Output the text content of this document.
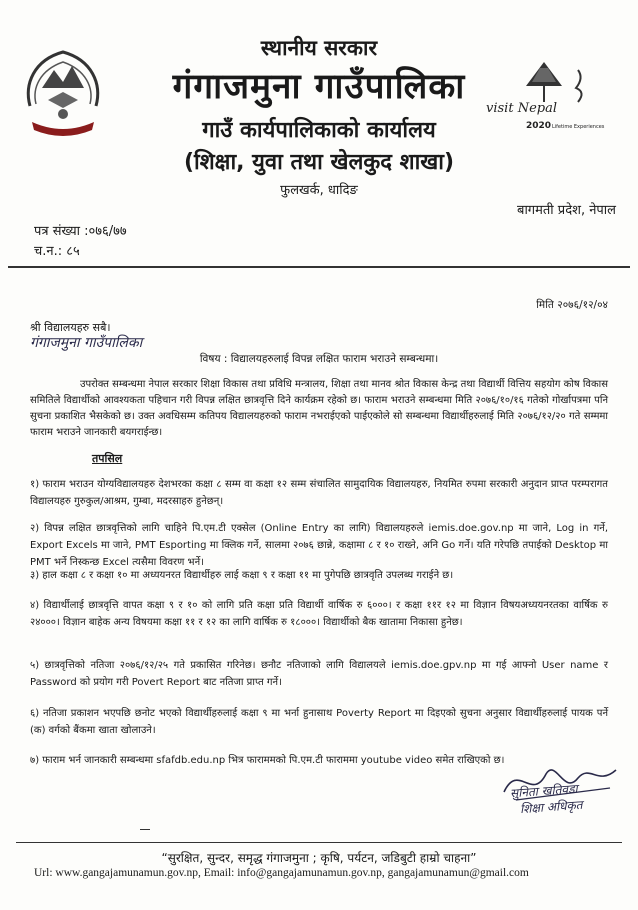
स्थानीय सरकार
गंगाजमुना गाउँपालिका
visit Nepal
2020 Lifetime Experiences
गाउँ कार्यपालिकाको कार्यालय
(शिक्षा, युवा तथा खेलकुद शाखा)
फुलखर्क, धादिङ
बागमती प्रदेश, नेपाल
पत्र संख्या :०७६/७७
च.न.: ८५
मिति २०७६/१२/०४
श्री विद्यालयहरु सबै।
गंगाजमुना गाउँपालिका
विषय : विद्यालयहरुलाई विपन्न लक्षित फाराम भराउने सम्बन्धमा।
उपरोक्त सम्बन्धमा नेपाल सरकार शिक्षा विकास तथा प्रविधि मन्त्रालय, शिक्षा तथा मानव श्रोत विकास केन्द्र तथा विद्यार्थी वित्तिय सहयोग कोष विकास समितिले विद्यार्थीको आवश्यकता पहिचान गरी विपन्न लक्षित छात्रवृत्ति दिने कार्यक्रम रहेको छ। फाराम भराउने सम्बन्धमा मिति २०७६/१०/१६ गतेको गोर्खापत्रमा पनि सुचना प्रकाशित भैसकेको छ। उक्त अवधिसम्म कतिपय विद्यालयहरुको फाराम नभराईएको पाईएकोले सो सम्बन्धमा विद्यार्थीहरुलाई मिति २०७६/१२/२० गते सम्ममा फाराम भराउने जानकारी बयगराईन्छ।
तपसिल
१) फाराम भराउन योग्यविद्यालयहरु देशभरका कक्षा ८ सम्म वा कक्षा १२ सम्म संचालित सामुदायिक विद्यालयहरु, नियमित रुपमा सरकारी अनुदान प्राप्त परम्परागत विद्यालयहरु गुरुकुल/आश्रम, गुम्बा, मदरसाहरु हुनेछन्।
२) विपन्न लक्षित छात्रवृत्तिको लागि चाहिने पि.एम.टी एक्सेल (Online Entry का लागि) विद्यालयहरुले iemis.doe.gov.np मा जाने, Log in गर्ने, Export Excels मा जाने, PMT Esporting मा क्लिक गर्ने, सालमा २०७६ छान्ने, कक्षामा ८ र १० राख्ने, अनि Go गर्ने। यति गरेपछि तपाईको Desktop मा PMT भर्ने निस्कन्छ Excel त्यसैमा विवरण भर्ने।
३) हाल कक्षा ८ र कक्षा १० मा अध्ययनरत विद्यार्थीहरु लाई कक्षा ९ र कक्षा ११ मा पुगेपछि छात्रवृति उपलब्ध गराईने छ।
४) विद्यार्थीलाई छात्रवृत्ति वापत कक्षा ९ र १० को लागि प्रति कक्षा प्रति विद्यार्थी वार्षिक रु ६०००। र कक्षा ११र १२ मा विज्ञान विषयअध्ययनरतका वार्षिक रु २४०००। विज्ञान बाहेक अन्य विषयमा कक्षा ११ र १२ का लागि वार्षिक रु १८०००। विद्यार्थीको बैक खातामा निकासा हुनेछ।
५) छात्रवृत्तिको नतिजा २०७६/१२/२५ गते प्रकासित गरिनेछ। छनौट नतिजाको लागि विद्यालयले iemis.doe.gpv.np मा गई आफ्नो User name र Password को प्रयोग गरी Povert Report बाट नतिजा प्राप्त गर्ने।
६) नतिजा प्रकाशन भएपछि छनोट भएको विद्यार्थीहरुलाई कक्षा ९ मा भर्ना हुनासाथ Poverty Report मा दिइएको सुचना अनुसार विद्यार्थीहरुलाई पायक पर्ने (क) वर्गको बैंकमा खाता खोलाउने।
७) फाराम भर्न जानकारी सम्बन्धमा sfafdb.edu.np भित्र फाराममको पि.एम.टी फाराममा youtube video समेत राखिएको छ।
सुनिता खतिवडा
शिक्षा अधिकृत
“सुरक्षित, सुन्दर, समृद्ध गंगाजमुना ; कृषि, पर्यटन, जडिबुटी हाम्रो चाहना”
Url: www.gangajamunamun.gov.np, Email: info@gangajamunamun.gov.np, gangajamunamun@gmail.com
